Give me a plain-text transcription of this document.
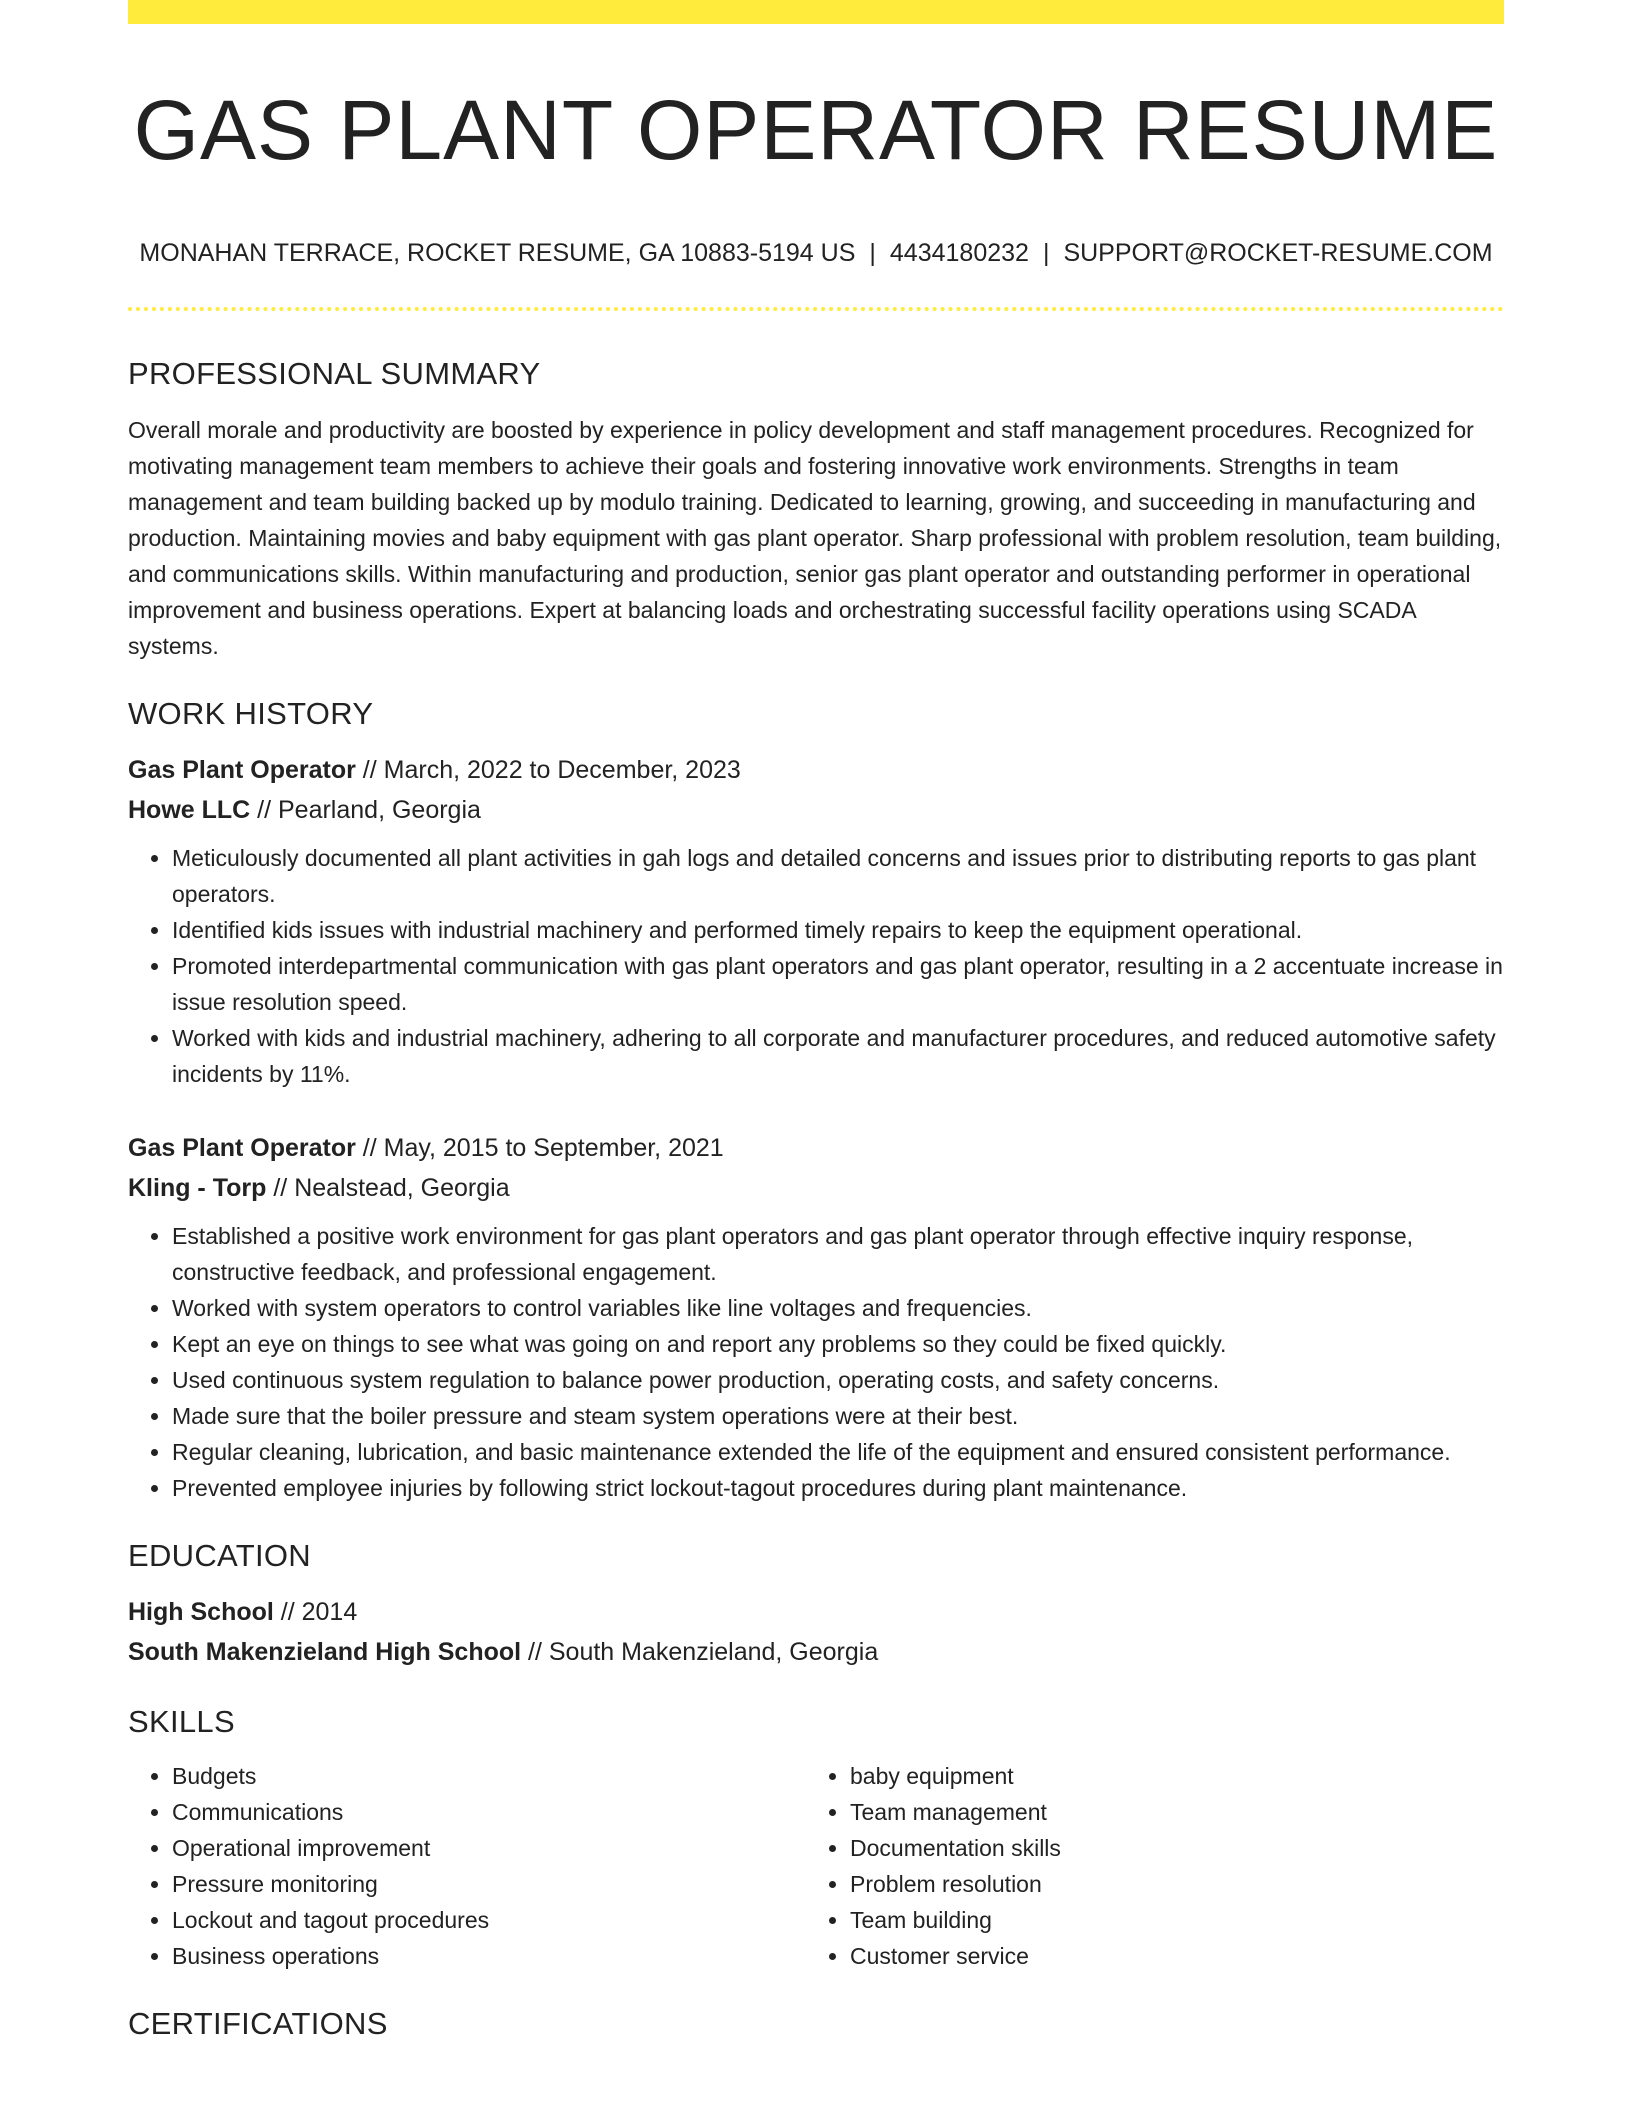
GAS PLANT OPERATOR RESUME
MONAHAN TERRACE, ROCKET RESUME, GA 10883-5194 US | 4434180232 | SUPPORT@ROCKET-RESUME.COM
PROFESSIONAL SUMMARY

Overall morale and productivity are boosted by experience in policy development and staff management procedures. Recognized for motivating management team members to achieve their goals and fostering innovative work environments. Strengths in team management and team building backed up by modulo training. Dedicated to learning, growing, and succeeding in manufacturing and production. Maintaining movies and baby equipment with gas plant operator. Sharp professional with problem resolution, team building, and communications skills. Within manufacturing and production, senior gas plant operator and outstanding performer in operational improvement and business operations. Expert at balancing loads and orchestrating successful facility operations using SCADA systems.

WORK HISTORY
Gas Plant Operator // March, 2022 to December, 2023
Howe LLC // Pearland, Georgia
• Meticulously documented all plant activities in gah logs and detailed concerns and issues prior to distributing reports to gas plant operators.
• Identified kids issues with industrial machinery and performed timely repairs to keep the equipment operational.
• Promoted interdepartmental communication with gas plant operators and gas plant operator, resulting in a 2 accentuate increase in issue resolution speed.
• Worked with kids and industrial machinery, adhering to all corporate and manufacturer procedures, and reduced automotive safety incidents by 11%.
Gas Plant Operator // May, 2015 to September, 2021
Kling - Torp // Nealstead, Georgia
• Established a positive work environment for gas plant operators and gas plant operator through effective inquiry response, constructive feedback, and professional engagement.
• Worked with system operators to control variables like line voltages and frequencies.
• Kept an eye on things to see what was going on and report any problems so they could be fixed quickly.
• Used continuous system regulation to balance power production, operating costs, and safety concerns.
• Made sure that the boiler pressure and steam system operations were at their best.
• Regular cleaning, lubrication, and basic maintenance extended the life of the equipment and ensured consistent performance.
• Prevented employee injuries by following strict lockout-tagout procedures during plant maintenance.
EDUCATION
High School // 2014
South Makenzieland High School // South Makenzieland, Georgia
SKILLS
• Budgets
• Communications
• Operational improvement
• Pressure monitoring
• Lockout and tagout procedures
• Business operations
• baby equipment
• Team management
• Documentation skills
• Problem resolution
• Team building
• Customer service
CERTIFICATIONS
